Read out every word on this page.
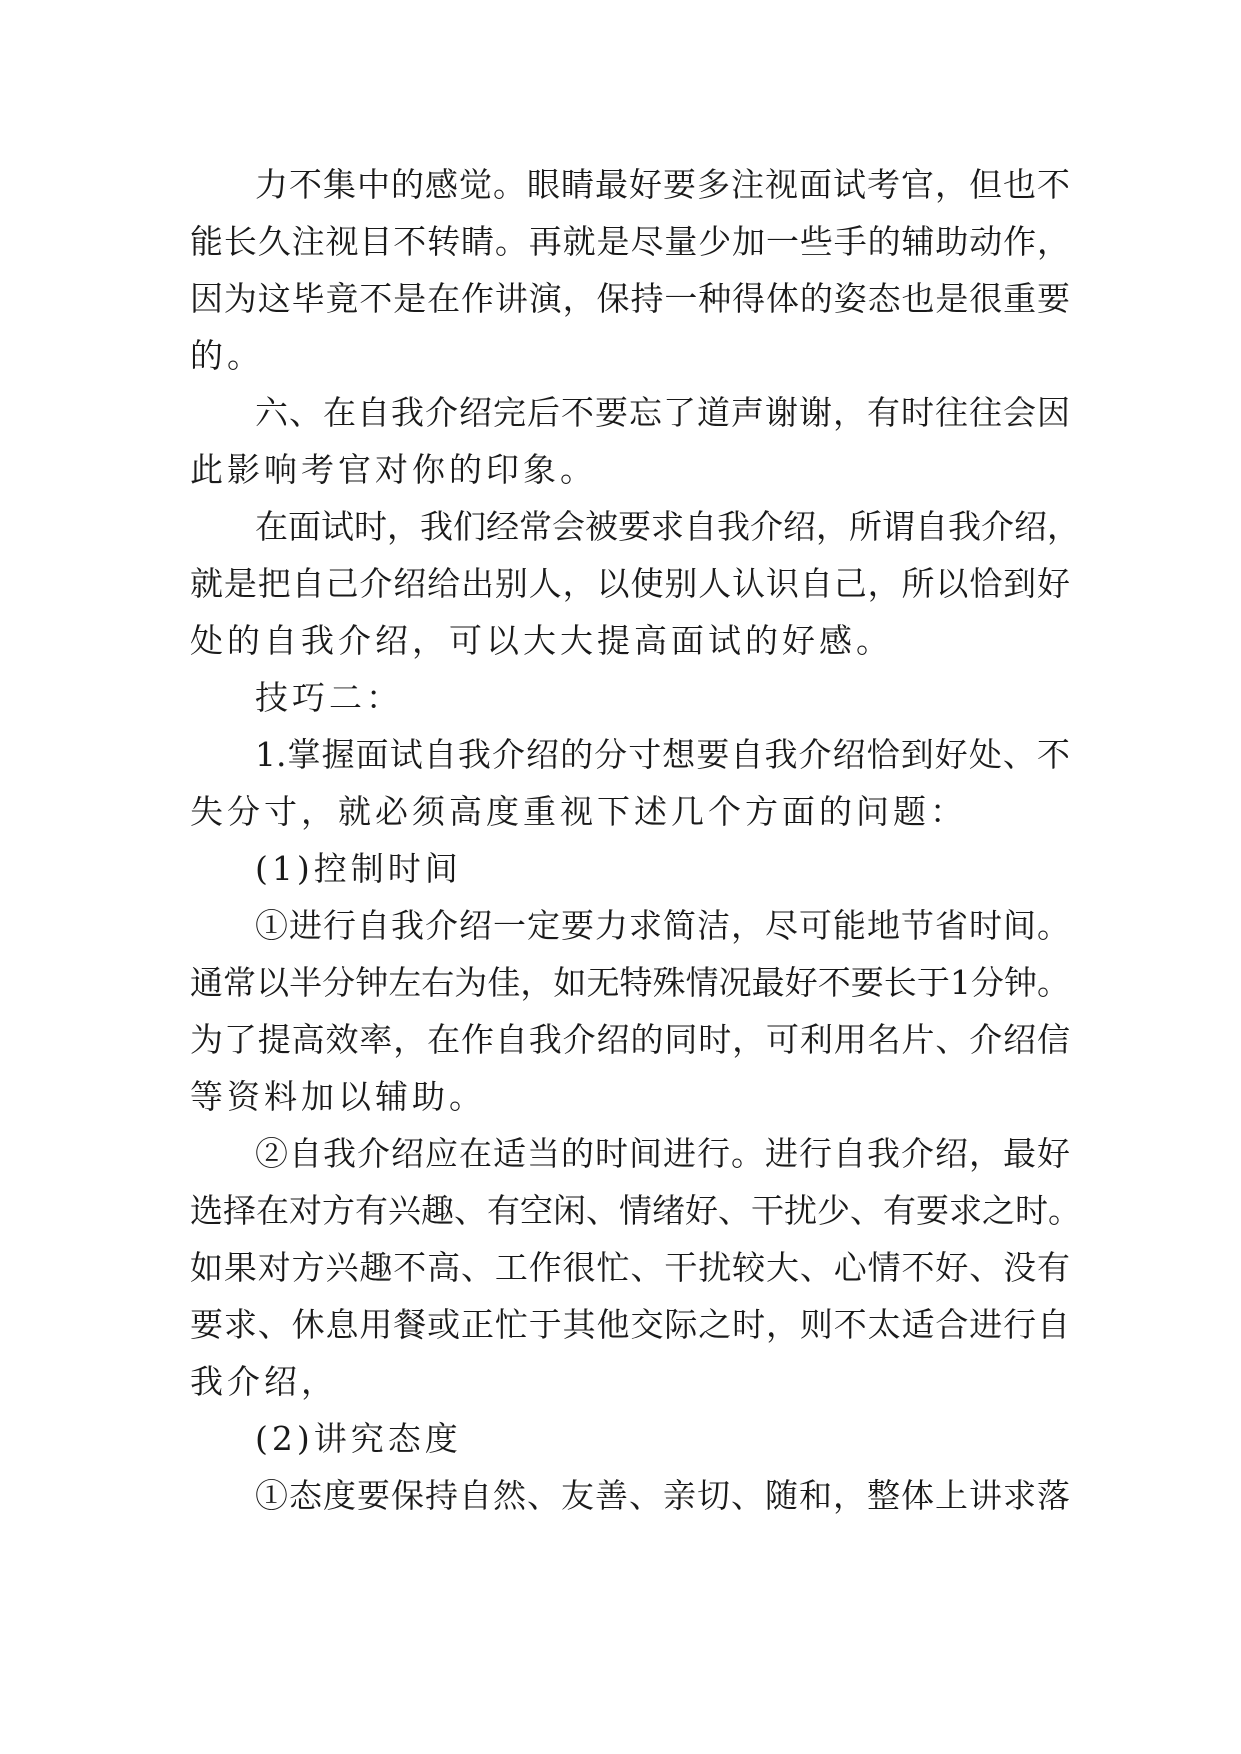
力不集中的感觉。眼睛最好要多注视面试考官，但也不
能长久注视目不转睛。再就是尽量少加一些手的辅助动作，
因为这毕竟不是在作讲演，保持一种得体的姿态也是很重要
的。
六、在自我介绍完后不要忘了道声谢谢，有时往往会因
此影响考官对你的印象。
在面试时，我们经常会被要求自我介绍，所谓自我介绍，
就是把自己介绍给出别人，以使别人认识自己，所以恰到好
处的自我介绍，可以大大提高面试的好感。
技巧二：
1.掌握面试自我介绍的分寸想要自我介绍恰到好处、不
失分寸，就必须高度重视下述几个方面的问题：
(1)控制时间
①进行自我介绍一定要力求简洁，尽可能地节省时间。
通常以半分钟左右为佳，如无特殊情况最好不要长于1分钟。
为了提高效率，在作自我介绍的同时，可利用名片、介绍信
等资料加以辅助。
②自我介绍应在适当的时间进行。进行自我介绍，最好
选择在对方有兴趣、有空闲、情绪好、干扰少、有要求之时。
如果对方兴趣不高、工作很忙、干扰较大、心情不好、没有
要求、休息用餐或正忙于其他交际之时，则不太适合进行自
我介绍，
(2)讲究态度
①态度要保持自然、友善、亲切、随和，整体上讲求落
